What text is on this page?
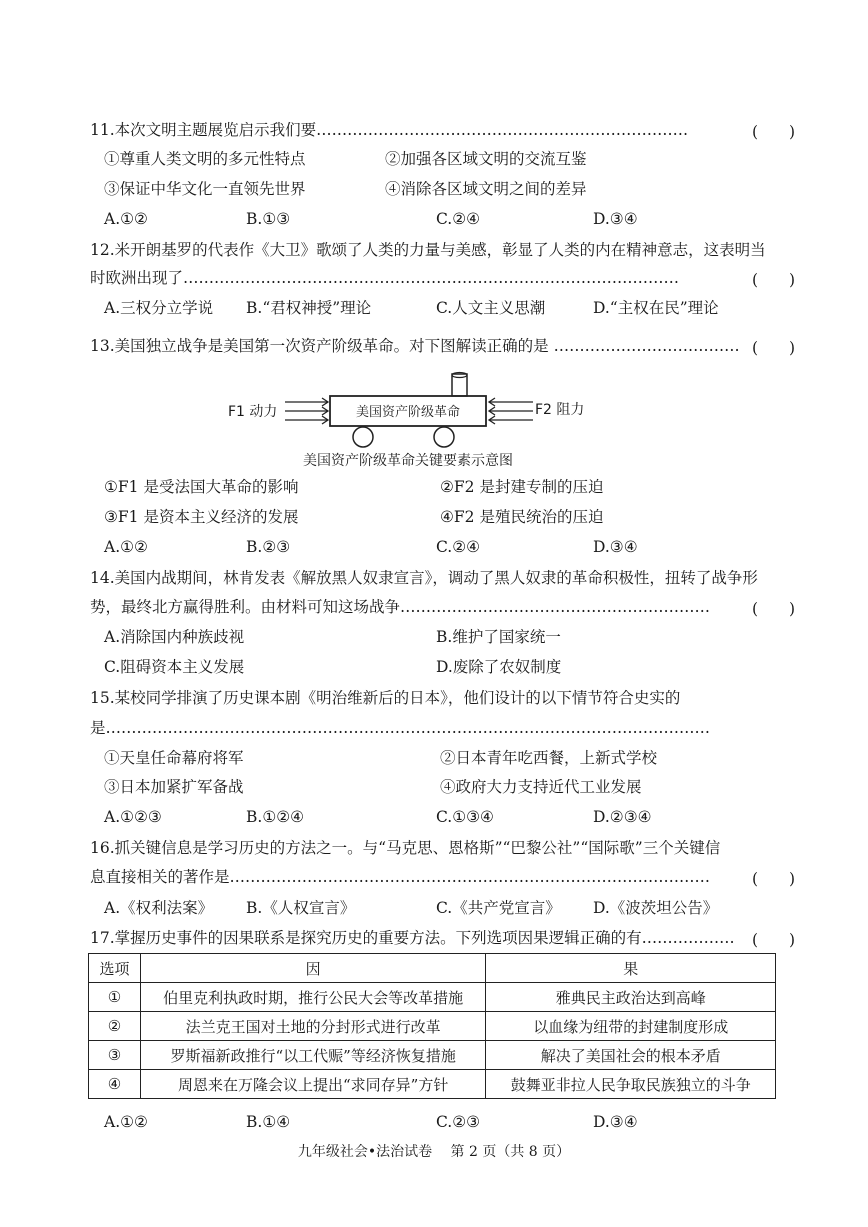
11.本次文明主题展览启示我们要………………………………………………………………	(　　)
①尊重人类文明的多元性特点	②加强各区域文明的交流互鉴
③保证中华文化一直领先世界	④消除各区域文明之间的差异
A.①②	B.①③	C.②④	D.③④
12.米开朗基罗的代表作《大卫》歌颂了人类的力量与美感，彰显了人类的内在精神意志，这表明当
时欧洲出现了……………………………………………………………………………………	(　　)
A.三权分立学说 B.“君权神授”理论	C.人文主义思潮	D.“主权在民”理论
13.美国独立战争是美国第一次资产阶级革命。对下图解读正确的是 ……………………………… (　　)
美国资产阶级革命
F1 动力	F2 阻力
美国资产阶级革命关键要素示意图
①F1 是受法国大革命的影响	②F2 是封建专制的压迫
③F1 是资本主义经济的发展	④F2 是殖民统治的压迫
A.①②	B.②③	C.②④	D.③④
14.美国内战期间，林肯发表《解放黑人奴隶宣言》，调动了黑人奴隶的革命积极性，扭转了战争形
势，最终北方赢得胜利。由材料可知这场战争……………………………………………………	(　　)
A.消除国内种族歧视	B.维护了国家统一
C.阻碍资本主义发展	D.废除了农奴制度
15.某校同学排演了历史课本剧《明治维新后的日本》，他们设计的以下情节符合史实的
是………………………………………………………………………………………………………
①天皇任命幕府将军	②日本青年吃西餐，上新式学校
③日本加紧扩军备战	④政府大力支持近代工业发展
A.①②③	B.①②④	C.①③④	D.②③④
16.抓关键信息是学习历史的方法之一。与“马克思、恩格斯”“巴黎公社”“国际歌”三个关键信
息直接相关的著作是…………………………………………………………………………………	(　　)
A.《权利法案》 B.《人权宣言》	C.《共产党宣言》 D.《波茨坦公告》
17.掌握历史事件的因果联系是探究历史的重要方法。下列选项因果逻辑正确的有……………… (　　)
选项	因	果
①	伯里克利执政时期，推行公民大会等改革措施	雅典民主政治达到高峰
②	法兰克王国对土地的分封形式进行改革	以血缘为纽带的封建制度形成
③	罗斯福新政推行“以工代赈”等经济恢复措施	解决了美国社会的根本矛盾
④	周恩来在万隆会议上提出“求同存异”方针	鼓舞亚非拉人民争取民族独立的斗争
A.①②	B.①④	C.②③	D.③④
九年级社会•法治试卷　 第 2 页（共 8 页）
